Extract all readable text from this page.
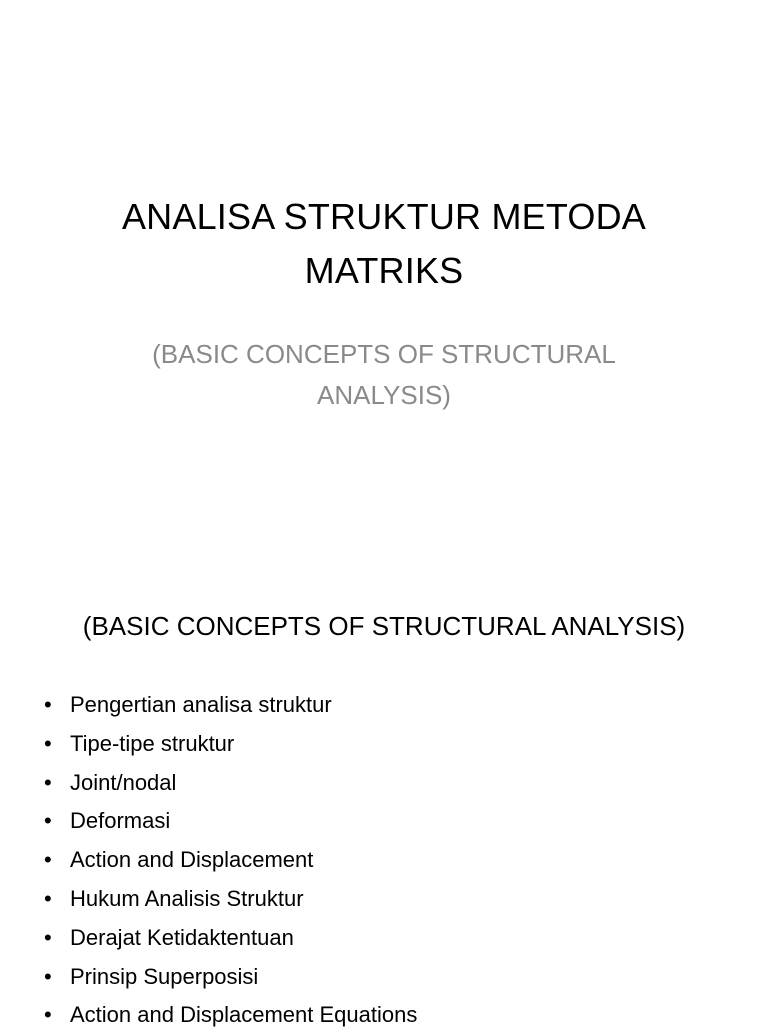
ANALISA STRUKTUR METODA
MATRIKS
(BASIC CONCEPTS OF STRUCTURAL
ANALYSIS)
(BASIC CONCEPTS OF STRUCTURAL ANALYSIS)
• Pengertian analisa struktur
• Tipe-tipe struktur
• Joint/nodal
• Deformasi
• Action and Displacement
• Hukum Analisis Struktur
• Derajat Ketidaktentuan
• Prinsip Superposisi
• Action and Displacement Equations
